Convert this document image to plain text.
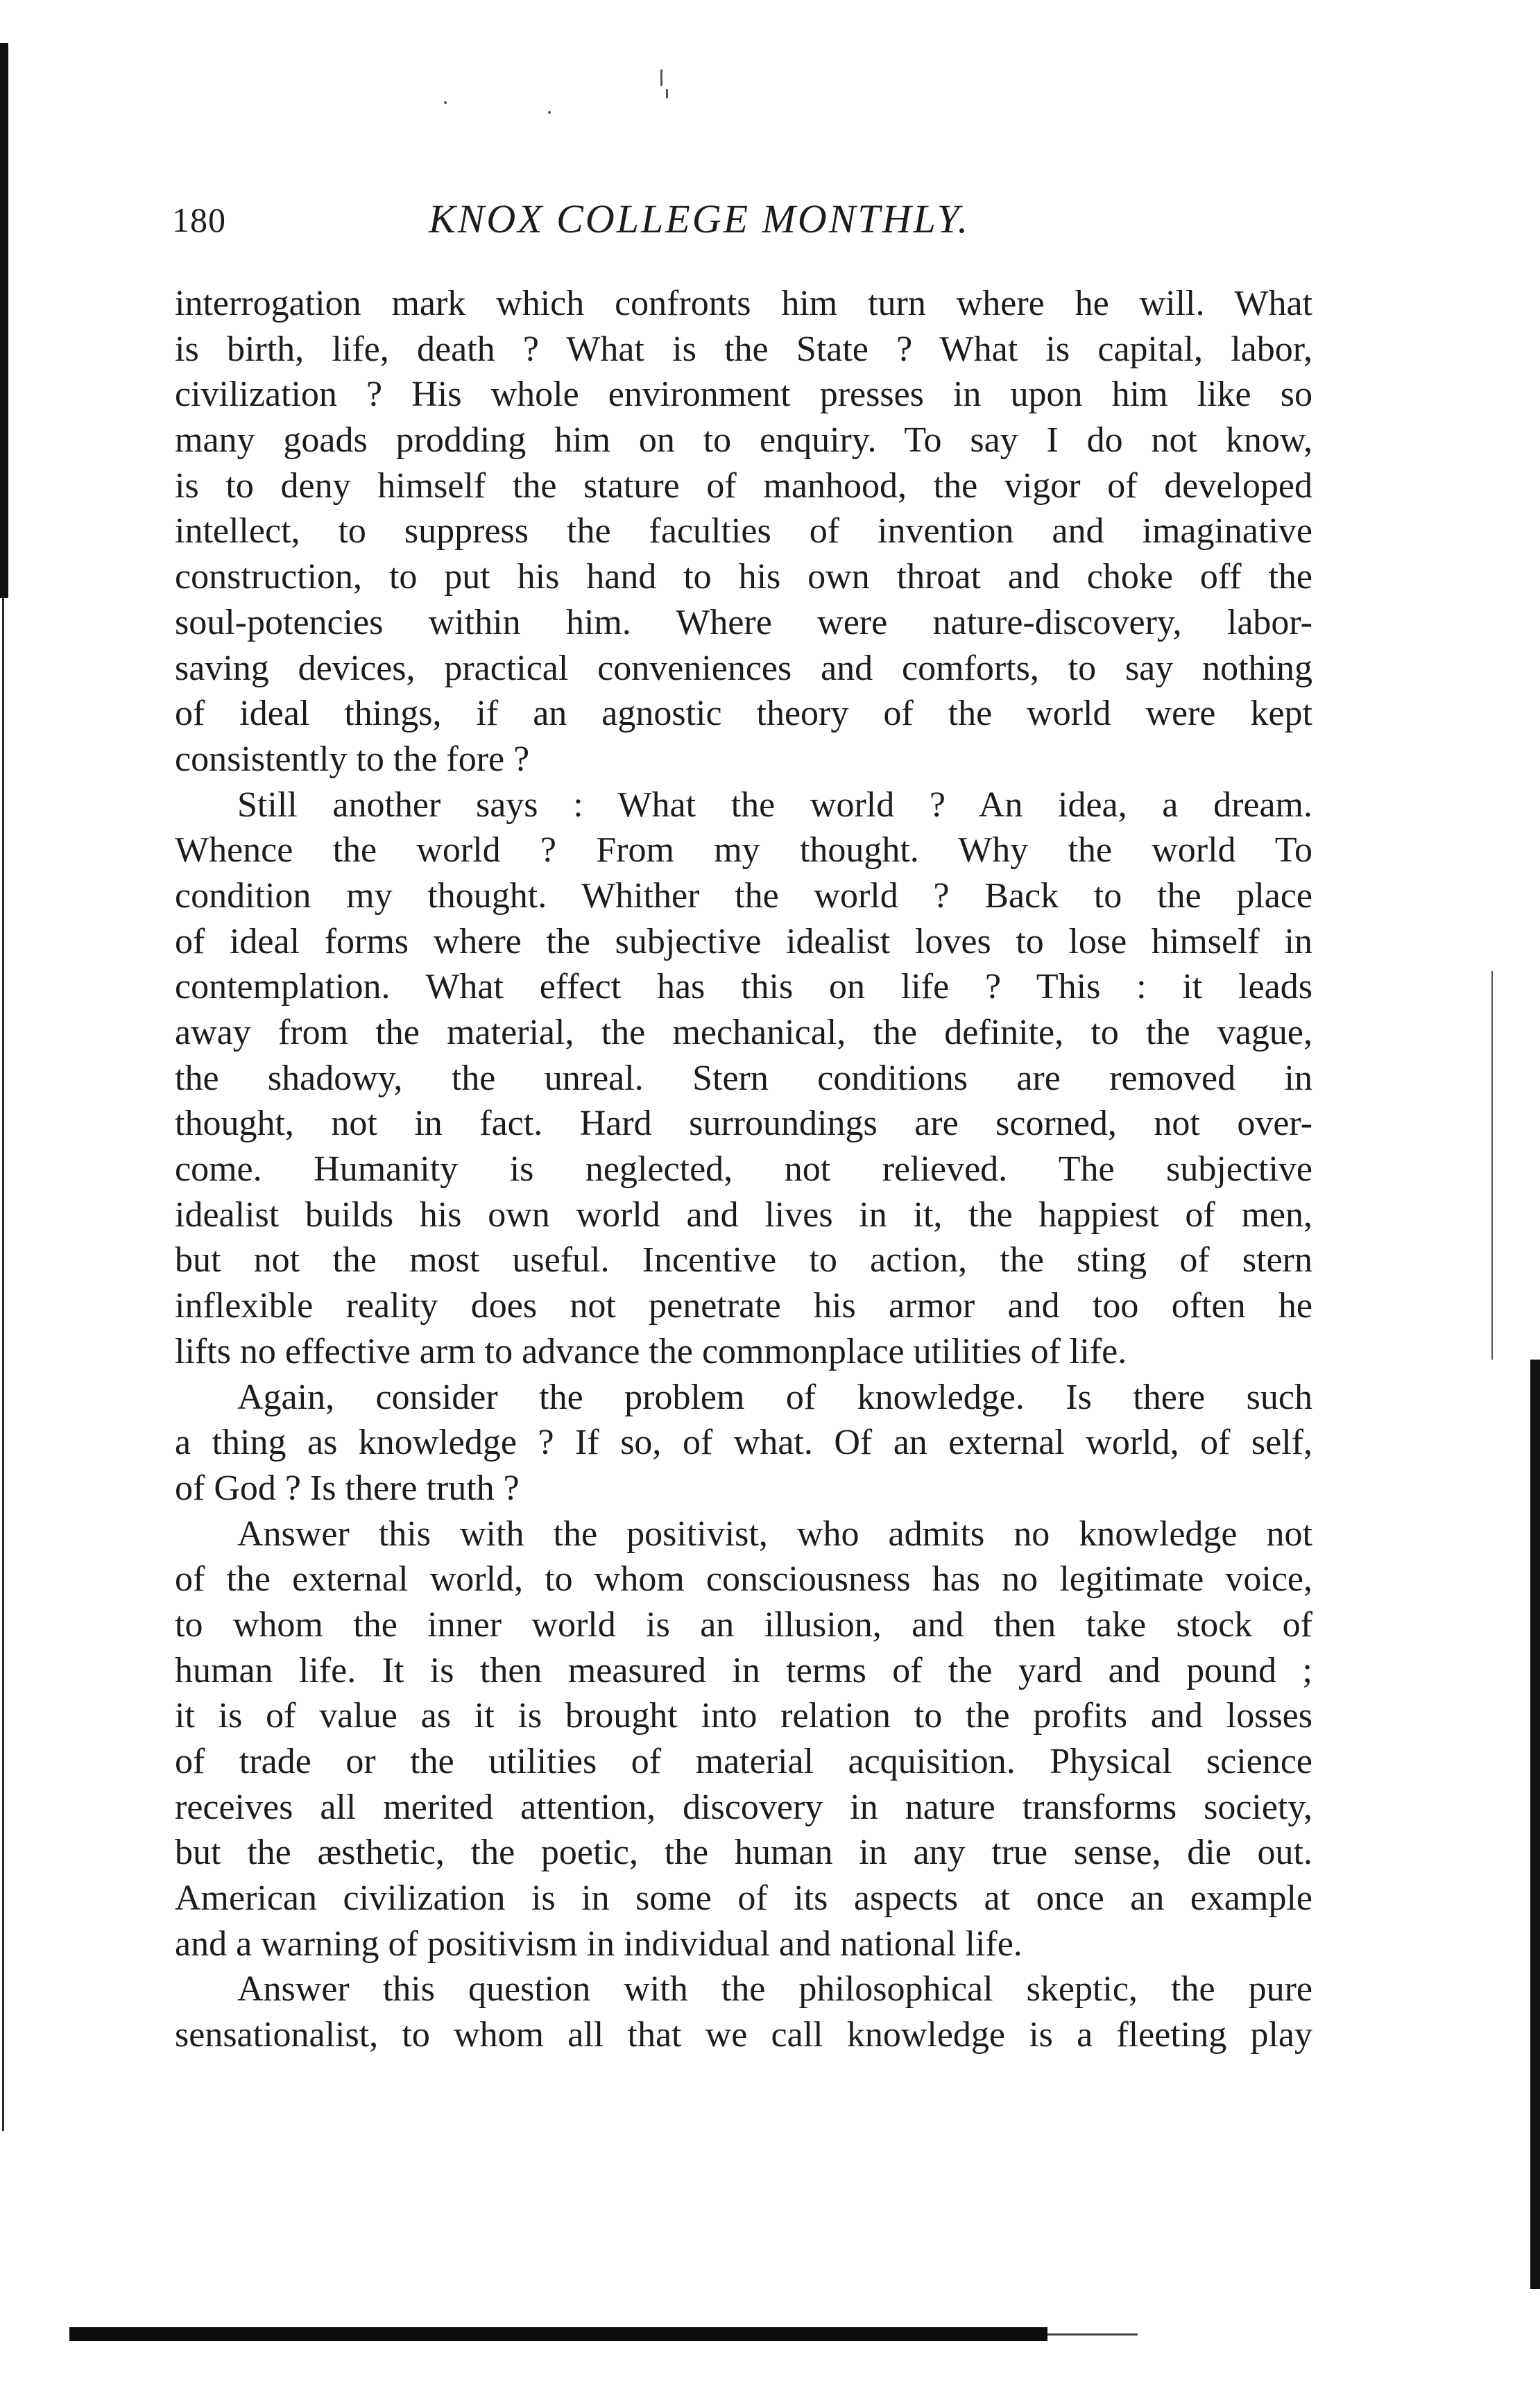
180	KNOX COLLEGE MONTHLY.
interrogation mark which confronts him turn where he will. What
is birth, life, death ? What is the State ? What is capital, labor,
civilization ? His whole environment presses in upon him like so
many goads prodding him on to enquiry. To say I do not know,
is to deny himself the stature of manhood, the vigor of developed
intellect, to suppress the faculties of invention and imaginative
construction, to put his hand to his own throat and choke off the
soul-potencies within him. Where were nature-discovery, labor-
saving devices, practical conveniences and comforts, to say nothing
of ideal things, if an agnostic theory of the world were kept
consistently to the fore ?
Still another says : What the world ? An idea, a dream.
Whence the world ? From my thought. Why the world To
condition my thought. Whither the world ? Back to the place
of ideal forms where the subjective idealist loves to lose himself in
contemplation. What effect has this on life ? This : it leads
away from the material, the mechanical, the definite, to the vague,
the shadowy, the unreal. Stern conditions are removed in
thought, not in fact. Hard surroundings are scorned, not over-
come. Humanity is neglected, not relieved. The subjective
idealist builds his own world and lives in it, the happiest of men,
but not the most useful. Incentive to action, the sting of stern
inflexible reality does not penetrate his armor and too often he
lifts no effective arm to advance the commonplace utilities of life.
Again, consider the problem of knowledge. Is there such
a thing as knowledge ? If so, of what. Of an external world, of self,
of God ? Is there truth ?
Answer this with the positivist, who admits no knowledge not
of the external world, to whom consciousness has no legitimate voice,
to whom the inner world is an illusion, and then take stock of
human life. It is then measured in terms of the yard and pound ;
it is of value as it is brought into relation to the profits and losses
of trade or the utilities of material acquisition. Physical science
receives all merited attention, discovery in nature transforms society,
but the æsthetic, the poetic, the human in any true sense, die out.
American civilization is in some of its aspects at once an example
and a warning of positivism in individual and national life.
Answer this question with the philosophical skeptic, the pure
sensationalist, to whom all that we call knowledge is a fleeting play
